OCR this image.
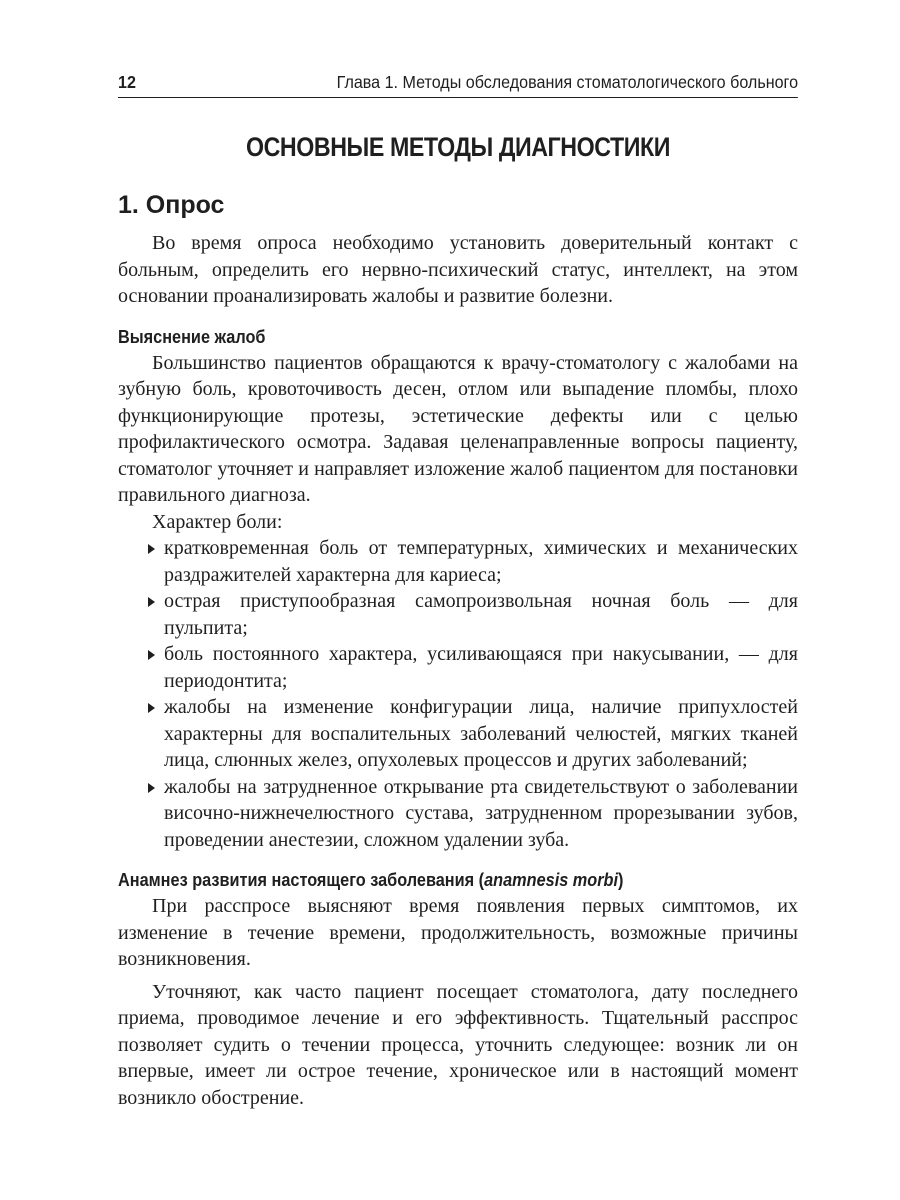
12	Глава 1. Методы обследования стоматологического больного
ОСНОВНЫЕ МЕТОДЫ ДИАГНОСТИКИ
1. Опрос

Во время опроса необходимо установить доверительный контакт с больным, определить его нервно-психический статус, интеллект, на этом основании проанализировать жалобы и развитие болезни.

Выяснение жалоб

Большинство пациентов обращаются к врачу-стоматологу с жалобами на зубную боль, кровоточивость десен, отлом или выпадение пломбы, плохо функционирующие протезы, эстетические дефекты или с целью профилактического осмотра. Задавая целенаправленные вопросы пациенту, стоматолог уточняет и направляет изложение жалоб пациентом для постановки правильного диагноза.

Характер боли:

кратковременная боль от температурных, химических и механических раздражителей характерна для кариеса;
острая приступообразная самопроизвольная ночная боль — для пульпита;
боль постоянного характера, усиливающаяся при накусывании, — для периодонтита;
жалобы на изменение конфигурации лица, наличие припухлостей характерны для воспалительных заболеваний челюстей, мягких тканей лица, слюнных желез, опухолевых процессов и других заболеваний;
жалобы на затрудненное открывание рта свидетельствуют о заболевании височно-нижнечелюстного сустава, затрудненном прорезывании зубов, проведении анестезии, сложном удалении зуба.
Анамнез развития настоящего заболевания (anamnesis morbi)

При расспросе выясняют время появления первых симптомов, их изменение в течение времени, продолжительность, возможные причины возникновения.

Уточняют, как часто пациент посещает стоматолога, дату последнего приема, проводимое лечение и его эффективность. Тщательный расспрос позволяет судить о течении процесса, уточнить следующее: возник ли он впервые, имеет ли острое течение, хроническое или в настоящий момент возникло обострение.
